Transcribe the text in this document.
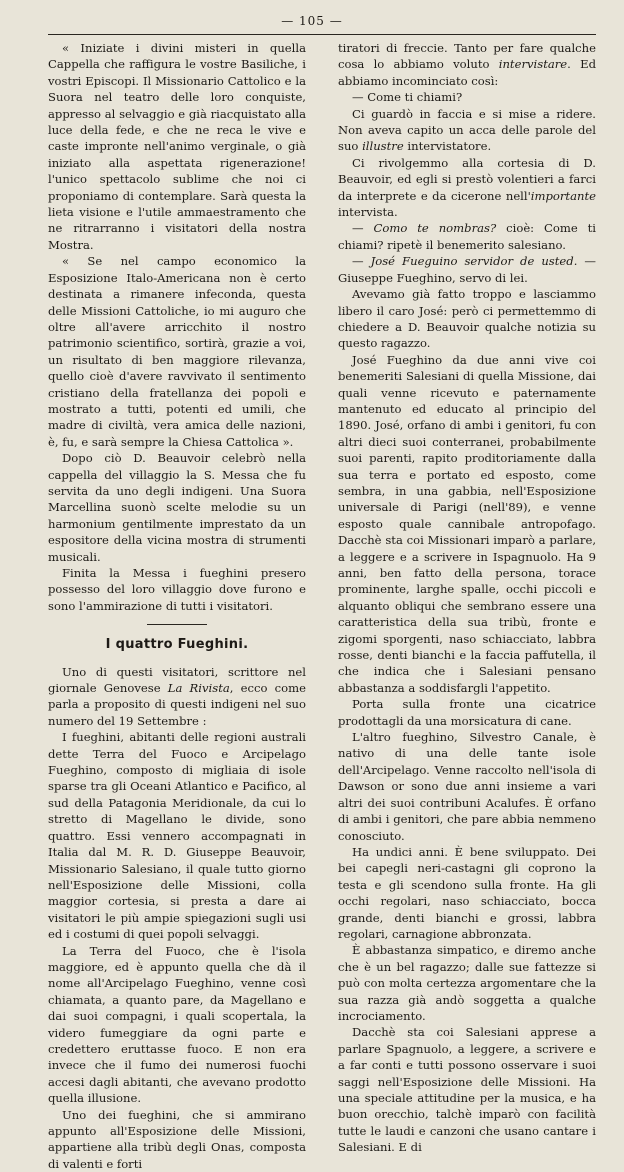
— 105 —

« Iniziate i divini misteri in quella Cappella che raffigura le vostre Basiliche, i vostri Episcopi. Il Missionario Cattolico e la Suora nel teatro delle loro conquiste, appresso al selvaggio e già riacquistato alla luce della fede, e che ne reca le vive e caste impronte nell'animo verginale, o già iniziato alla aspettata rigenerazione! l'unico spettacolo sublime che noi ci proponiamo di contemplare. Sarà questa la lieta visione e l'utile ammaestramento che ne ritrarranno i visitatori della nostra Mostra.

« Se nel campo economico la Esposizione Italo-Americana non è certo destinata a rimanere infeconda, questa delle Missioni Cattoliche, io mi auguro che oltre all'avere arricchito il nostro patrimonio scientifico, sortirà, grazie a voi, un risultato di ben maggiore rilevanza, quello cioè d'avere ravvivato il sentimento cristiano della fratellanza dei popoli e mostrato a tutti, potenti ed umili, che madre di civiltà, vera amica delle nazioni, è, fu, e sarà sempre la Chiesa Cattolica ».

Dopo ciò D. Beauvoir celebrò nella cappella del villaggio la S. Messa che fu servita da uno degli indigeni. Una Suora Marcellina suonò scelte melodie su un harmonium gentilmente imprestato da un espositore della vicina mostra di strumenti musicali.

Finita la Messa i fueghini presero possesso del loro villaggio dove furono e sono l'ammirazione di tutti i visitatori.

I quattro Fueghini.

Uno di questi visitatori, scrittore nel giornale Genovese La Rivista, ecco come parla a proposito di questi indigeni nel suo numero del 19 Settembre :

I fueghini, abitanti delle regioni australi dette Terra del Fuoco e Arcipelago Fueghino, composto di migliaia di isole sparse tra gli Oceani Atlantico e Pacifico, al sud della Patagonia Meridionale, da cui lo stretto di Magellano le divide, sono quattro. Essi vennero accompagnati in Italia dal M. R. D. Giuseppe Beauvoir, Missionario Salesiano, il quale tutto giorno nell'Esposizione delle Missioni, colla maggior cortesia, si presta a dare ai visitatori le più ampie spiegazioni sugli usi ed i costumi di quei popoli selvaggi.

La Terra del Fuoco, che è l'isola maggiore, ed è appunto quella che dà il nome all'Arcipelago Fueghino, venne così chiamata, a quanto pare, da Magellano e dai suoi compagni, i quali scopertala, la videro fumeggiare da ogni parte e credettero eruttasse fuoco. E non era invece che il fumo dei numerosi fuochi accesi dagli abitanti, che avevano prodotto quella illusione.

Uno dei fueghini, che si ammirano appunto all'Esposizione delle Missioni, appartiene alla tribù degli Onas, composta di valenti e forti

tiratori di freccie. Tanto per fare qualche cosa lo abbiamo voluto intervistare. Ed abbiamo incominciato così:

— Come ti chiami?

Ci guardò in faccia e si mise a ridere. Non aveva capito un acca delle parole del suo illustre intervistatore.

Ci rivolgemmo alla cortesia di D. Beauvoir, ed egli si prestò volentieri a farci da interprete e da cicerone nell'importante intervista.

— Como te nombras? cioè: Come ti chiami? ripetè il benemerito salesiano.

— José Fueguino servidor de usted. — Giuseppe Fueghino, servo di lei.

Avevamo già fatto troppo e lasciammo libero il caro José: però ci permettemmo di chiedere a D. Beauvoir qualche notizia su questo ragazzo.

José Fueghino da due anni vive coi benemeriti Salesiani di quella Missione, dai quali venne ricevuto e paternamente mantenuto ed educato al principio del 1890. José, orfano di ambi i genitori, fu con altri dieci suoi conterranei, probabilmente suoi parenti, rapito proditoriamente dalla sua terra e portato ed esposto, come sembra, in una gabbia, nell'Esposizione universale di Parigi (nell'89), e venne esposto quale cannibale antropofago. Dacchè sta coi Missionari imparò a parlare, a leggere e a scrivere in Ispagnuolo. Ha 9 anni, ben fatto della persona, torace prominente, larghe spalle, occhi piccoli e alquanto obliqui che sembrano essere una caratteristica della sua tribù, fronte e zigomi sporgenti, naso schiacciato, labbra rosse, denti bianchi e la faccia paffutella, il che indica che i Salesiani pensano abbastanza a soddisfargli l'appetito.

Porta sulla fronte una cicatrice prodottagli da una morsicatura di cane.

L'altro fueghino, Silvestro Canale, è nativo di una delle tante isole dell'Arcipelago. Venne raccolto nell'isola di Dawson or sono due anni insieme a vari altri dei suoi contribuni Acalufes. È orfano di ambi i genitori, che pare abbia nemmeno conosciuto.

Ha undici anni. È bene sviluppato. Dei bei capegli neri-castagni gli coprono la testa e gli scendono sulla fronte. Ha gli occhi regolari, naso schiacciato, bocca grande, denti bianchi e grossi, labbra regolari, carnagione abbronzata.

È abbastanza simpatico, e diremo anche che è un bel ragazzo; dalle sue fattezze si può con molta certezza argomentare che la sua razza già andò soggetta a qualche incrociamento.

Dacchè sta coi Salesiani apprese a parlare Spagnuolo, a leggere, a scrivere e a far conti e tutti possono osservare i suoi saggi nell'Esposizione delle Missioni. Ha una speciale attitudine per la musica, e ha buon orecchio, talchè imparò con facilità tutte le laudi e canzoni che usano cantare i Salesiani. E di
